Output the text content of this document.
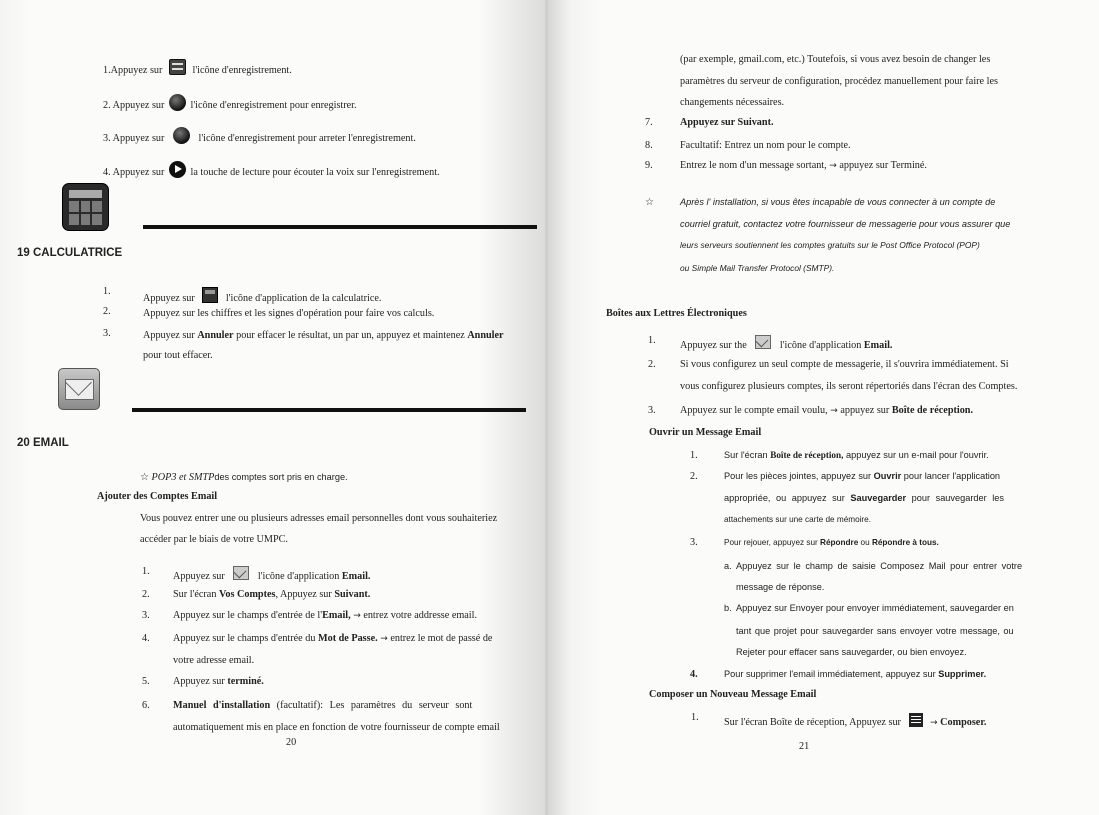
1.Appuyez sur	l'icône d'enregistrement.
2. Appuyez sur	l'icône d'enregistrement pour enregistrer.
3. Appuyez sur	l'icône d'enregistrement pour arreter l'enregistrement.
4. Appuyez sur	la touche de lecture pour écouter la voix sur l'enregistrement.
19 CALCULATRICE
1.
Appuyez sur	l'icône d'application de la calculatrice.
2.	Appuyez sur les chiffres et les signes d'opération pour faire vos calculs.
3.	Appuyez sur Annuler pour effacer le résultat, un par un, appuyez et maintenez Annuler
pour tout effacer.
20 EMAIL
☆ POP3 et SMTPdes comptes sort pris en charge.
Ajouter des Comptes Email
Vous pouvez entrer une ou plusieurs adresses email personnelles dont vous souhaiteriez
accéder par le biais de votre UMPC.
1. Appuyez sur	l'icône d'application Email.
2. Sur l'écran Vos Comptes, Appuyez sur Suivant.
3. Appuyez sur le champs d'entrée de l'Email, → entrez votre addresse email.
4. Appuyez sur le champs d'entrée du Mot de Passe. → entrez le mot de passé de
votre adresse email.
5. Appuyez sur terminé.
6. Manuel d'installation (facultatif): Les paramètres du serveur sont
automatiquement mis en place en fonction de votre fournisseur de compte email
20
(par exemple, gmail.com, etc.) Toutefois, si vous avez besoin de changer les
paramètres du serveur de configuration, procédez manuellement pour faire les
changements nécessaires.
7.	Appuyez sur Suivant.
8.	Facultatif: Entrez un nom pour le compte.
9.	Entrez le nom d'un message sortant, → appuyez sur Terminé.
☆	Après l' installation, si vous êtes incapable de vous connecter à un compte de
courriel gratuit, contactez votre fournisseur de messagerie pour vous assurer que
leurs serveurs soutiennent les comptes gratuits sur le Post Office Protocol (POP)
ou Simple Mail Transfer Protocol (SMTP).
Boîtes aux Lettres Électroniques
1. Appuyez sur the	l'icône d'application Email.
2. Si vous configurez un seul compte de messagerie, il s'ouvrira immédiatement. Si
vous configurez plusieurs comptes, ils seront répertoriés dans l'écran des Comptes.
3. Appuyez sur le compte email voulu, → appuyez sur Boîte de réception.
Ouvrir un Message Email
1.	Sur l'écran Boîte de réception, appuyez sur un e-mail pour l'ouvrir.
2.	Pour les pièces jointes, appuyez sur Ouvrir pour lancer l'application
appropriée, ou appuyez sur Sauvegarder pour sauvegarder les
attachements sur une carte de mémoire.
3.	Pour rejouer, appuyez sur Répondre ou Répondre à tous.
a. Appuyez sur le champ de saisie Composez Mail pour entrer votre
message de réponse.
b. Appuyez sur Envoyer pour envoyer immédiatement, sauvegarder en
tant que projet pour sauvegarder sans envoyer votre message, ou
Rejeter pour effacer sans sauvegarder, ou bien envoyez.
4.	Pour supprimer l'email immédiatement, appuyez sur Supprimer.
Composer un Nouveau Message Email
1. Sur l'écran Boîte de réception, Appuyez sur	→ Composer.
21
